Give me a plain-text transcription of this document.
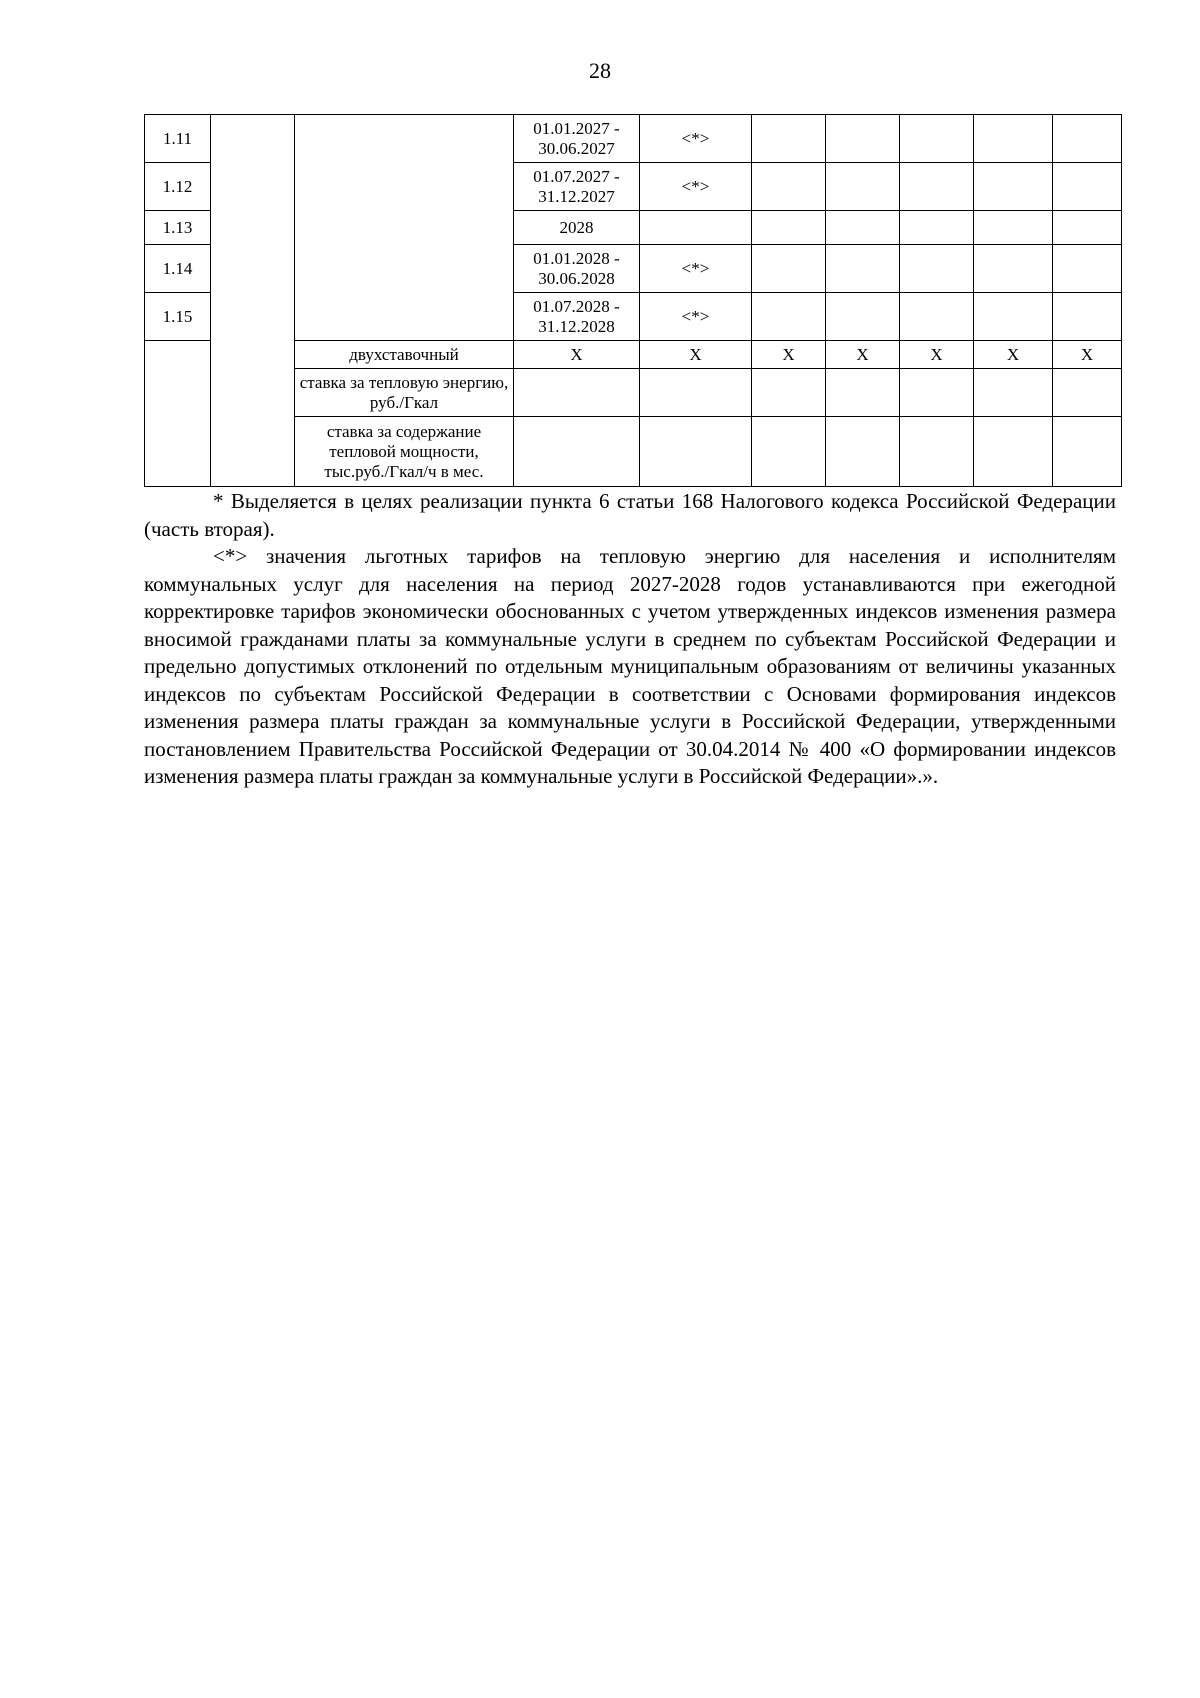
28
1.11			01.01.2027 - 30.06.2027	<*>					
1.12			01.07.2027 - 31.12.2027	<*>					
1.13			2028						
1.14			01.01.2028 - 30.06.2028	<*>					
1.15			01.07.2028 - 31.12.2028	<*>					
		двухставочный	Х	Х	Х	Х	Х	Х	Х
		ставка за тепловую энергию, руб./Гкал							
		ставка за содержание тепловой мощности, тыс.руб./Гкал/ч в мес.							

* Выделяется в целях реализации пункта 6 статьи 168 Налогового кодекса Российской Федерации (часть вторая).

<*> значения льготных тарифов на тепловую энергию для населения и исполнителям коммунальных услуг для населения на период 2027-2028 годов устанавливаются при ежегодной корректировке тарифов экономически обоснованных с учетом утвержденных индексов изменения размера вносимой гражданами платы за коммунальные услуги в среднем по субъектам Российской Федерации и предельно допустимых отклонений по отдельным муниципальным образованиям от величины указанных индексов по субъектам Российской Федерации в соответствии с Основами формирования индексов изменения размера платы граждан за коммунальные услуги в Российской Федерации, утвержденными постановлением Правительства Российской Федерации от 30.04.2014 № 400 «О формировании индексов изменения размера платы граждан за коммунальные услуги в Российской Федерации».».
